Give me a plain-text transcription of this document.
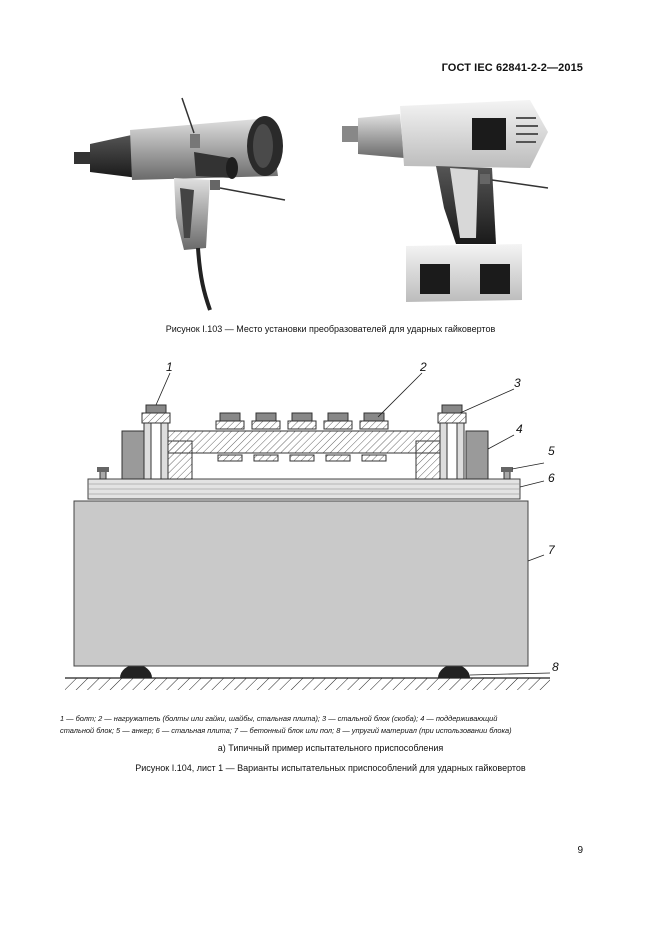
ГОСТ IEC 62841-2-2—2015
Рисунок I.103 — Место установки преобразователей для ударных гайковертов
1	2
3
4
5
6
7
8
1 — болт; 2 — нагружатель (болты или гайки, шайбы, стальная плита); 3 — стальной блок (скоба); 4 — поддерживающий
стальной блок; 5 — анкер; 6 — стальная плита; 7 — бетонный блок или пол; 8 — упругий материал (при использовании блока)
а) Типичный пример испытательного приспособления
Рисунок I.104, лист 1 — Варианты испытательных приспособлений для ударных гайковертов
9
